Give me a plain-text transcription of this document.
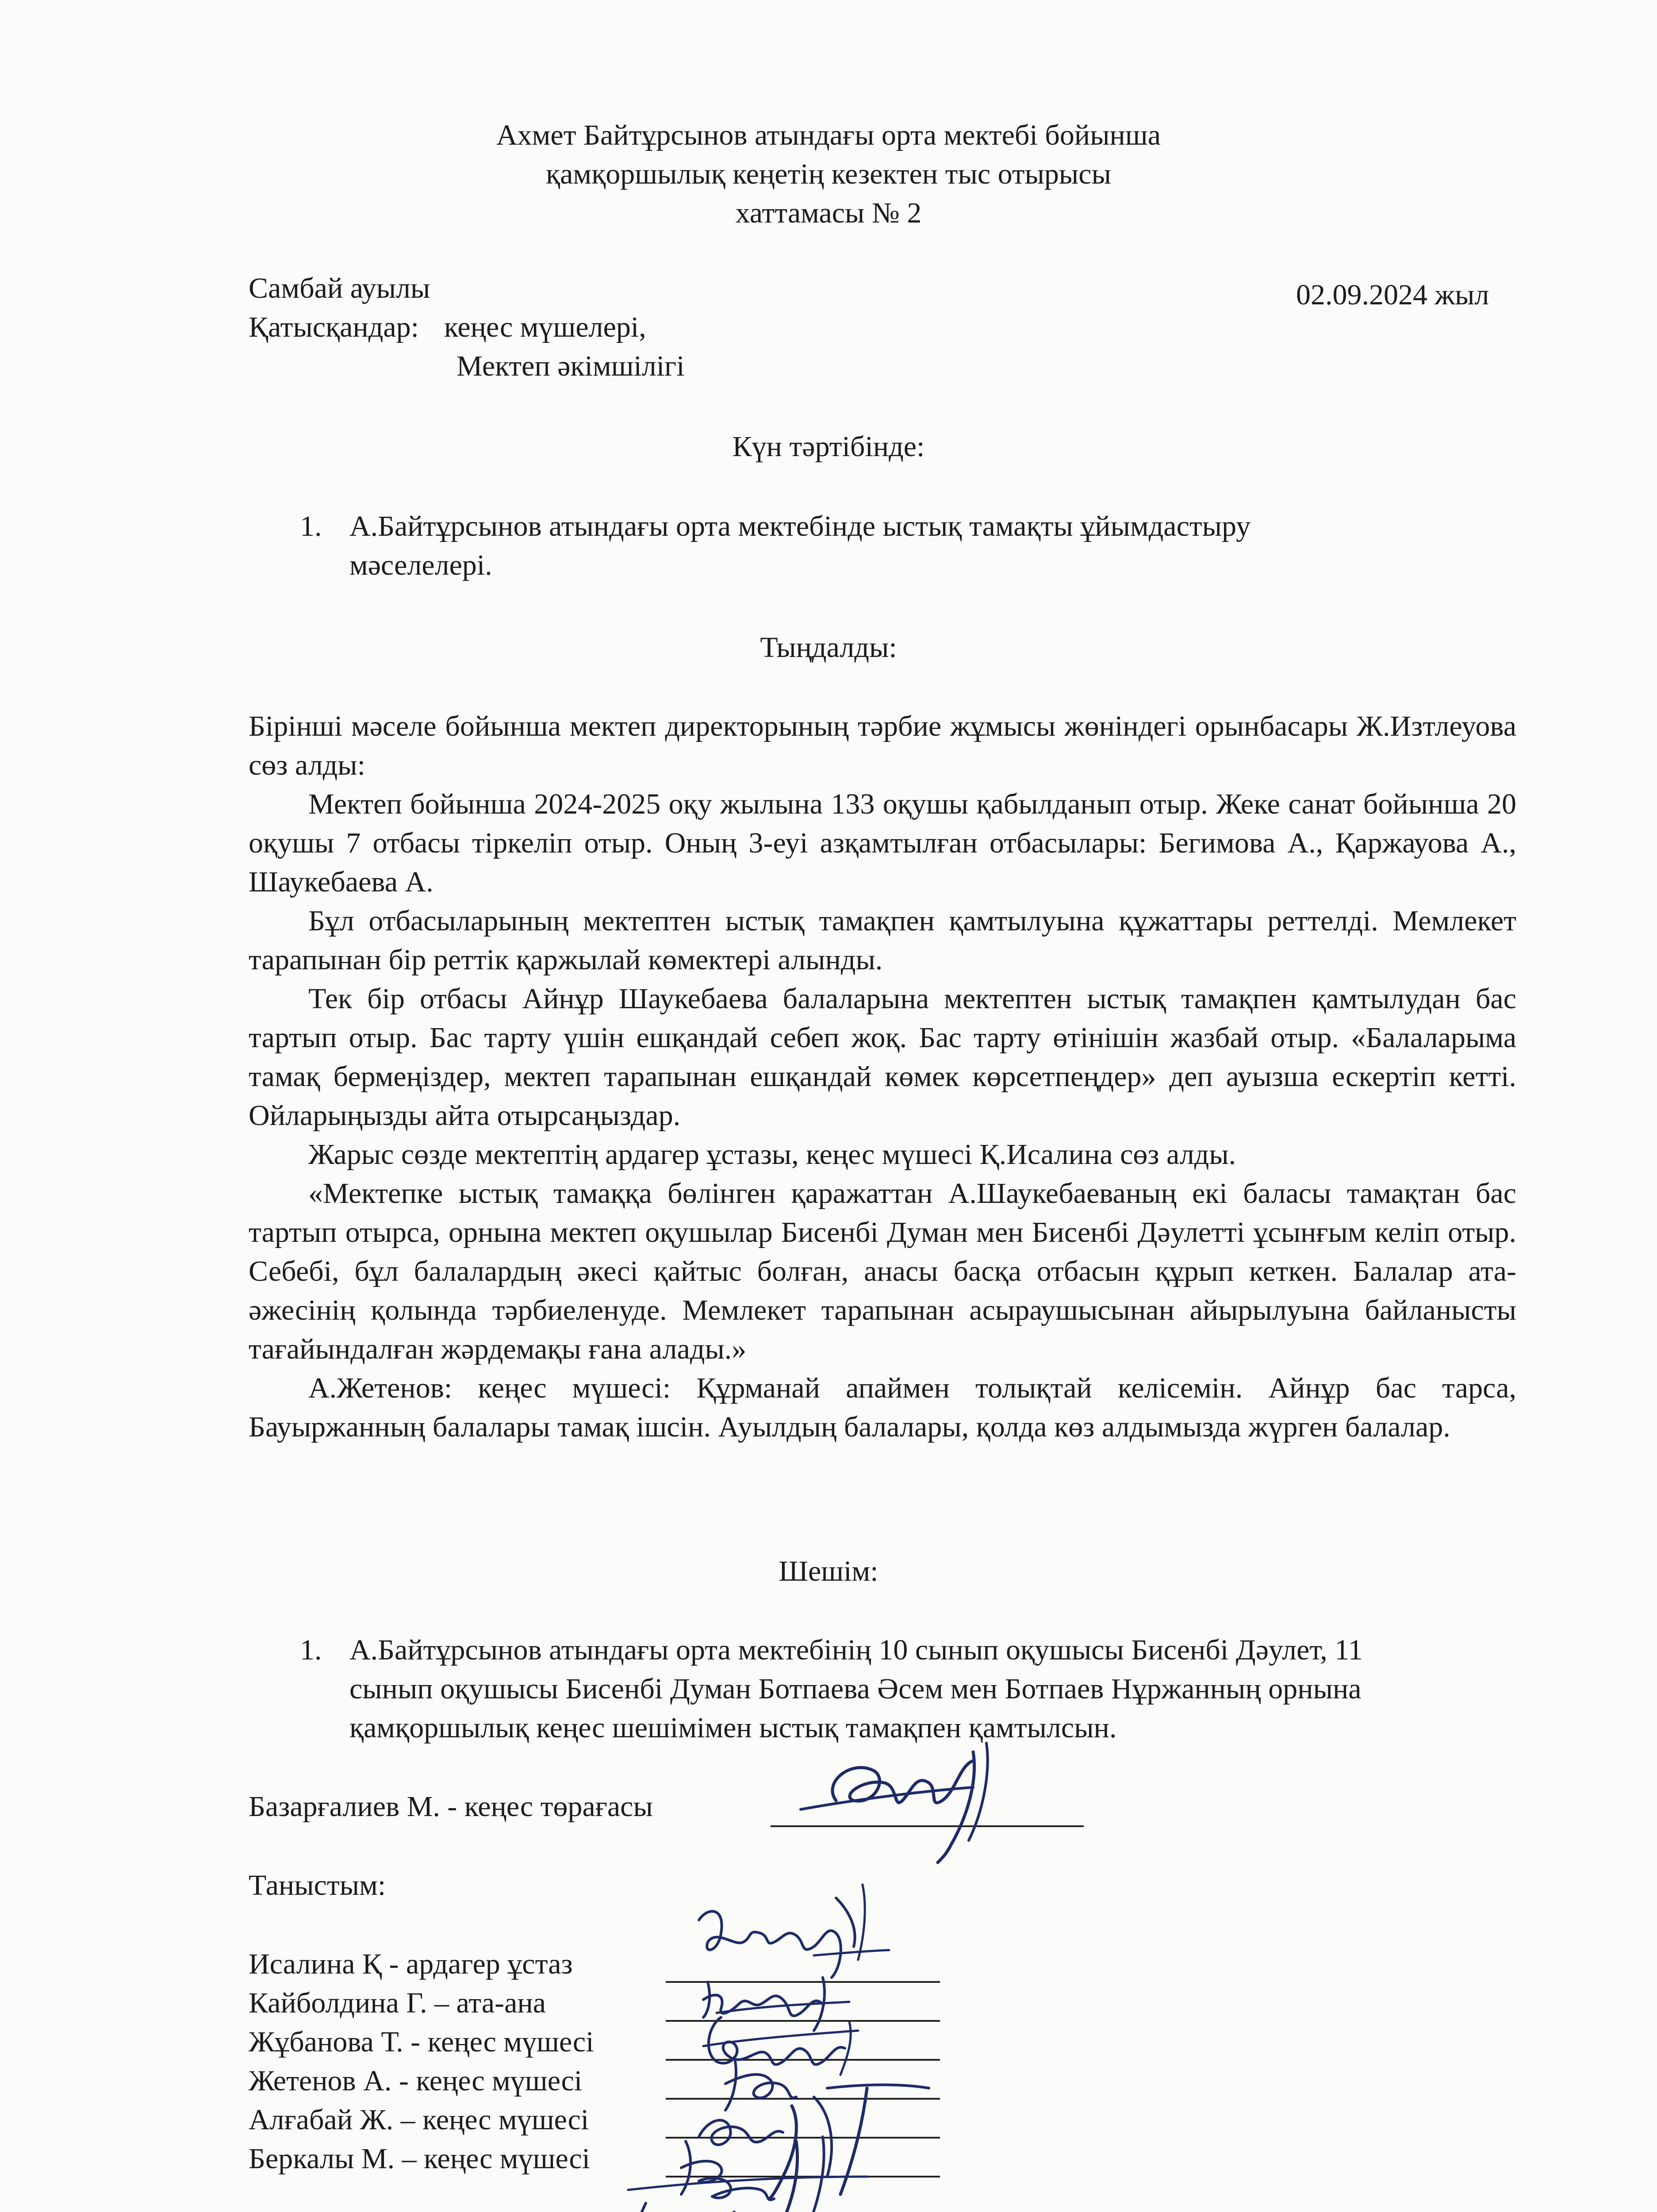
Ахмет Байтұрсынов атындағы орта мектебі бойынша
қамқоршылық кеңетің кезектен тыс отырысы
хаттамасы № 2
Самбай ауылы	02.09.2024 жыл
Қатысқандар: кеңес мүшелері,
Мектеп әкімшілігі
Күн тәртібінде:
1. А.Байтұрсынов атындағы орта мектебінде ыстық тамақты ұйымдастыру
мәселелері.
Тыңдалды:
Бірінші мәселе бойынша мектеп директорының тәрбие жұмысы жөніндегі орынбасары Ж.Изтлеуова сөз алды:
Мектеп бойынша 2024-2025 оқу жылына 133 оқушы қабылданып отыр. Жеке санат бойынша 20 оқушы 7 отбасы тіркеліп отыр. Оның 3-еуі азқамтылған отбасылары: Бегимова А., Қаржауова А., Шаукебаева А.
Бұл отбасыларының мектептен ыстық тамақпен қамтылуына құжаттары реттелді. Мемлекет тарапынан бір реттік қаржылай көмектері алынды.
Тек бір отбасы Айнұр Шаукебаева балаларына мектептен ыстық тамақпен қамтылудан бас тартып отыр. Бас тарту үшін ешқандай себеп жоқ. Бас тарту өтінішін жазбай отыр. «Балаларыма тамақ бермеңіздер, мектеп тарапынан ешқандай көмек көрсетпеңдер» деп ауызша ескертіп кетті. Ойларыңызды айта отырсаңыздар.
Жарыс сөзде мектептің ардагер ұстазы, кеңес мүшесі Қ.Исалина сөз алды.
«Мектепке ыстық тамаққа бөлінген қаражаттан А.Шаукебаеваның екі баласы тамақтан бас тартып отырса, орнына мектеп оқушылар Бисенбі Думан мен Бисенбі Дәулетті ұсынғым келіп отыр. Себебі, бұл балалардың әкесі қайтыс болған, анасы басқа отбасын құрып кеткен. Балалар ата-әжесінің қолында тәрбиеленуде. Мемлекет тарапынан асыраушысынан айырылуына байланысты тағайындалған жәрдемақы ғана алады.»
А.Жетенов: кеңес мүшесі: Құрманай апаймен толықтай келісемін. Айнұр бас тарса, Бауыржанның балалары тамақ ішсін. Ауылдың балалары, қолда көз алдымызда жүрген балалар.
Шешім:
1. А.Байтұрсынов атындағы орта мектебінің 10 сынып оқушысы Бисенбі Дәулет, 11
сынып оқушысы Бисенбі Думан Ботпаева Әсем мен Ботпаев Нұржанның орнына
қамқоршылық кеңес шешімімен ыстық тамақпен қамтылсын.
Базарғалиев М. - кеңес төрағасы
Таныстым:
Исалина Қ - ардагер ұстаз
Кайболдина Г. – ата-ана
Жұбанова Т. - кеңес мүшесі
Жетенов А. - кеңес мүшесі
Алғабай Ж. – кеңес мүшесі
Беркалы М. – кеңес мүшесі
